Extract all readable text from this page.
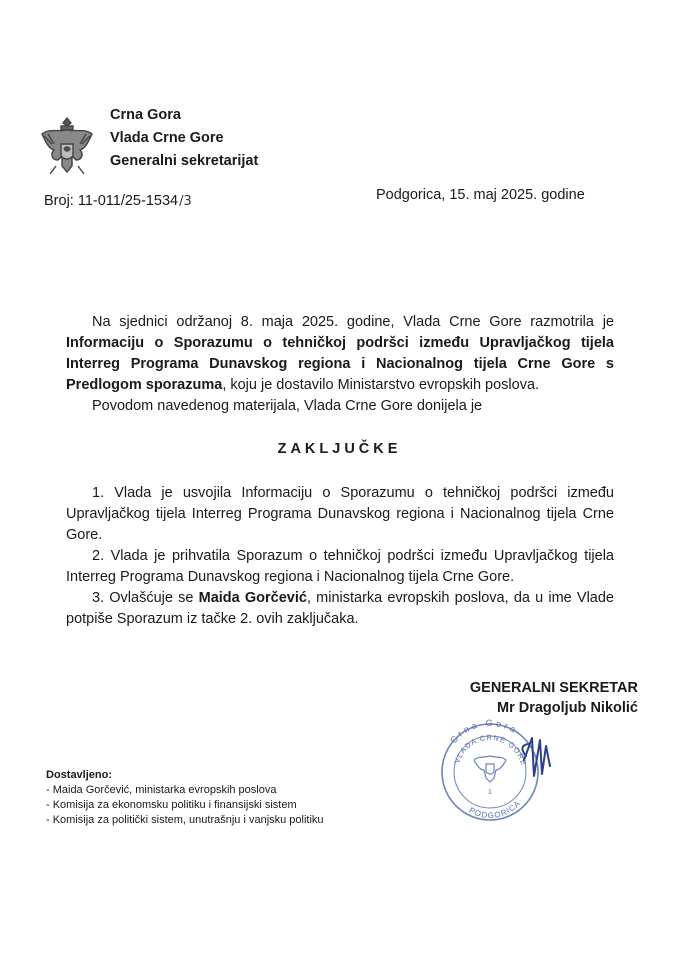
Crna Gora
Vlada Crne Gore
Generalni sekretarijat
Broj: 11-011/25-1534/3	Podgorica, 15. maj 2025. godine
Na sjednici održanoj 8. maja 2025. godine, Vlada Crne Gore razmotrila je Informaciju o Sporazumu o tehničkoj podršci između Upravljačkog tijela Interreg Programa Dunavskog regiona i Nacionalnog tijela Crne Gore s Predlogom sporazuma, koju je dostavilo Ministarstvo evropskih poslova.
Povodom navedenog materijala, Vlada Crne Gore donijela je
ZAKLJUČKE

1. Vlada je usvojila Informaciju o Sporazumu o tehničkoj podršci između Upravljačkog tijela Interreg Programa Dunavskog regiona i Nacionalnog tijela Crne Gore.

2. Vlada je prihvatila Sporazum o tehničkoj podršci između Upravljačkog tijela Interreg Programa Dunavskog regiona i Nacionalnog tijela Crne Gore.

3. Ovlašćuje se Maida Gorčević, ministarka evropskih poslova, da u ime Vlade potpiše Sporazum iz tačke 2. ovih zaključaka.

GENERALNI SEKRETAR
Mr Dragoljub Nikolić
Crna Gora
VLADA CRNE GORE
PODGORICA
1
Dostavljeno:
- Maida Gorčević, ministarka evropskih poslova
- Komisija za ekonomsku politiku i finansijski sistem
- Komisija za politički sistem, unutrašnju i vanjsku politiku
